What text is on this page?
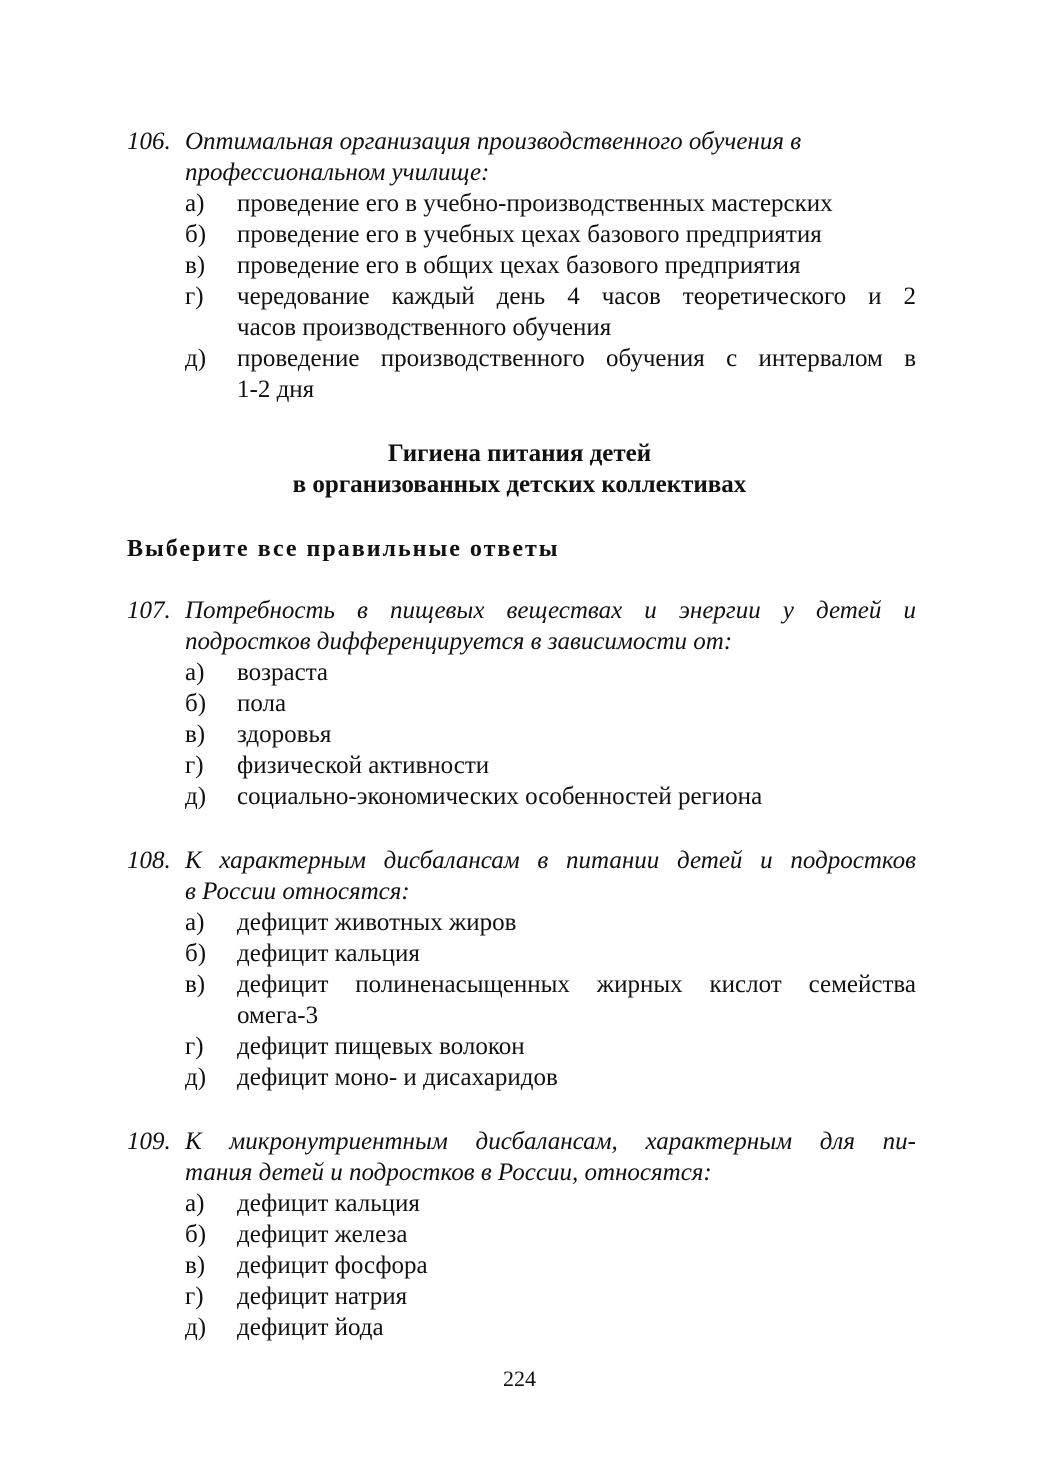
106. Оптимальная организация производственного обучения в
профессиональном училище:
а) проведение его в учебно-производственных мастерских
б) проведение его в учебных цехах базового предприятия
в) проведение его в общих цехах базового предприятия
г) чередование каждый день 4 часов теоретического и 2
часов производственного обучения
д) проведение производственного обучения с интервалом в
1-2 дня
Гигиена питания детей
в организованных детских коллективах
Выберите все правильные ответы
107. Потребность в пищевых веществах и энергии у детей и
подростков дифференцируется в зависимости от:
а) возраста
б) пола
в) здоровья
г) физической активности
д) социально-экономических особенностей региона
108. К характерным дисбалансам в питании детей и подростков
в России относятся:
а) дефицит животных жиров
б) дефицит кальция
в) дефицит полиненасыщенных жирных кислот семейства
омега-3
г) дефицит пищевых волокон
д) дефицит моно- и дисахаридов
109. К микронутриентным дисбалансам, характерным для пи-
тания детей и подростков в России, относятся:
а) дефицит кальция
б) дефицит железа
в) дефицит фосфора
г) дефицит натрия
д) дефицит йода
224
